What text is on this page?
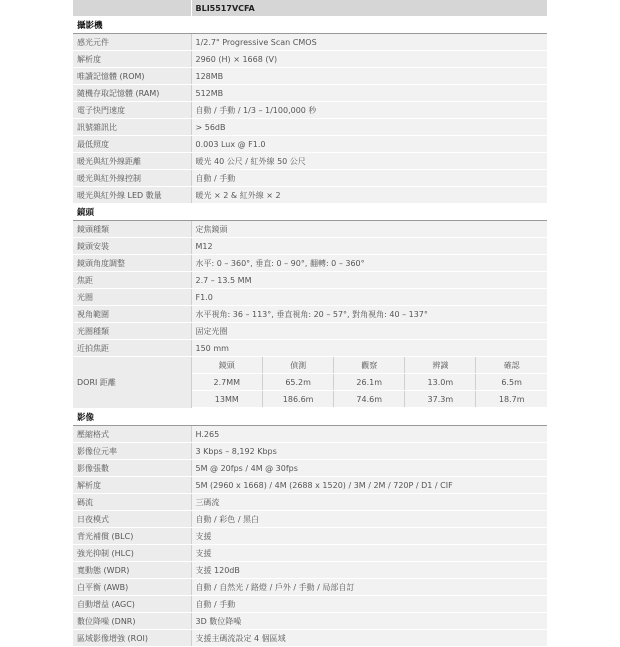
	BLI5517VCFA
攝影機
感光元件	1/2.7" Progressive Scan CMOS
解析度	2960 (H) × 1668 (V)
唯讀記憶體 (ROM)	128MB
隨機存取記憶體 (RAM)	512MB
電子快門速度	自動 / 手動 / 1/3 – 1/100,000 秒
訊號雜訊比	> 56dB
最低照度	0.003 Lux @ F1.0
暖光與紅外線距離	暖光 40 公尺 / 紅外線 50 公尺
暖光與紅外線控制	自動 / 手動
暖光與紅外線 LED 數量	暖光 × 2 & 紅外線 × 2
鏡頭
鏡頭種類	定焦鏡頭
鏡頭安裝	M12
鏡頭角度調整	水平: 0 – 360°, 垂直: 0 – 90°, 翻轉: 0 – 360°
焦距	2.7 – 13.5 MM
光圈	F1.0
視角範圍	水平視角: 36 – 113°, 垂直視角: 20 – 57°, 對角視角: 40 – 137°
光圈種類	固定光圈
近拍焦距	150 mm
DORI 距離	
鏡頭	偵測	觀察	辨識	確認
2.7MM	65.2m	26.1m	13.0m	6.5m
13MM	186.6m	74.6m	37.3m	18.7m

影像
壓縮格式	H.265
影像位元率	3 Kbps – 8,192 Kbps
影像張數	5M @ 20fps / 4M @ 30fps
解析度	5M (2960 x 1668) / 4M (2688 x 1520) / 3M / 2M / 720P / D1 / CIF
碼流	三碼流
日夜模式	自動 / 彩色 / 黑白
背光補償 (BLC)	支援
強光抑制 (HLC)	支援
寬動態 (WDR)	支援 120dB
白平衡 (AWB)	自動 / 自然光 / 路燈 / 戶外 / 手動 / 局部自訂
自動增益 (AGC)	自動 / 手動
數位降噪 (DNR)	3D 數位降噪
區域影像增強 (ROI)	支援主碼流設定 4 個區域
